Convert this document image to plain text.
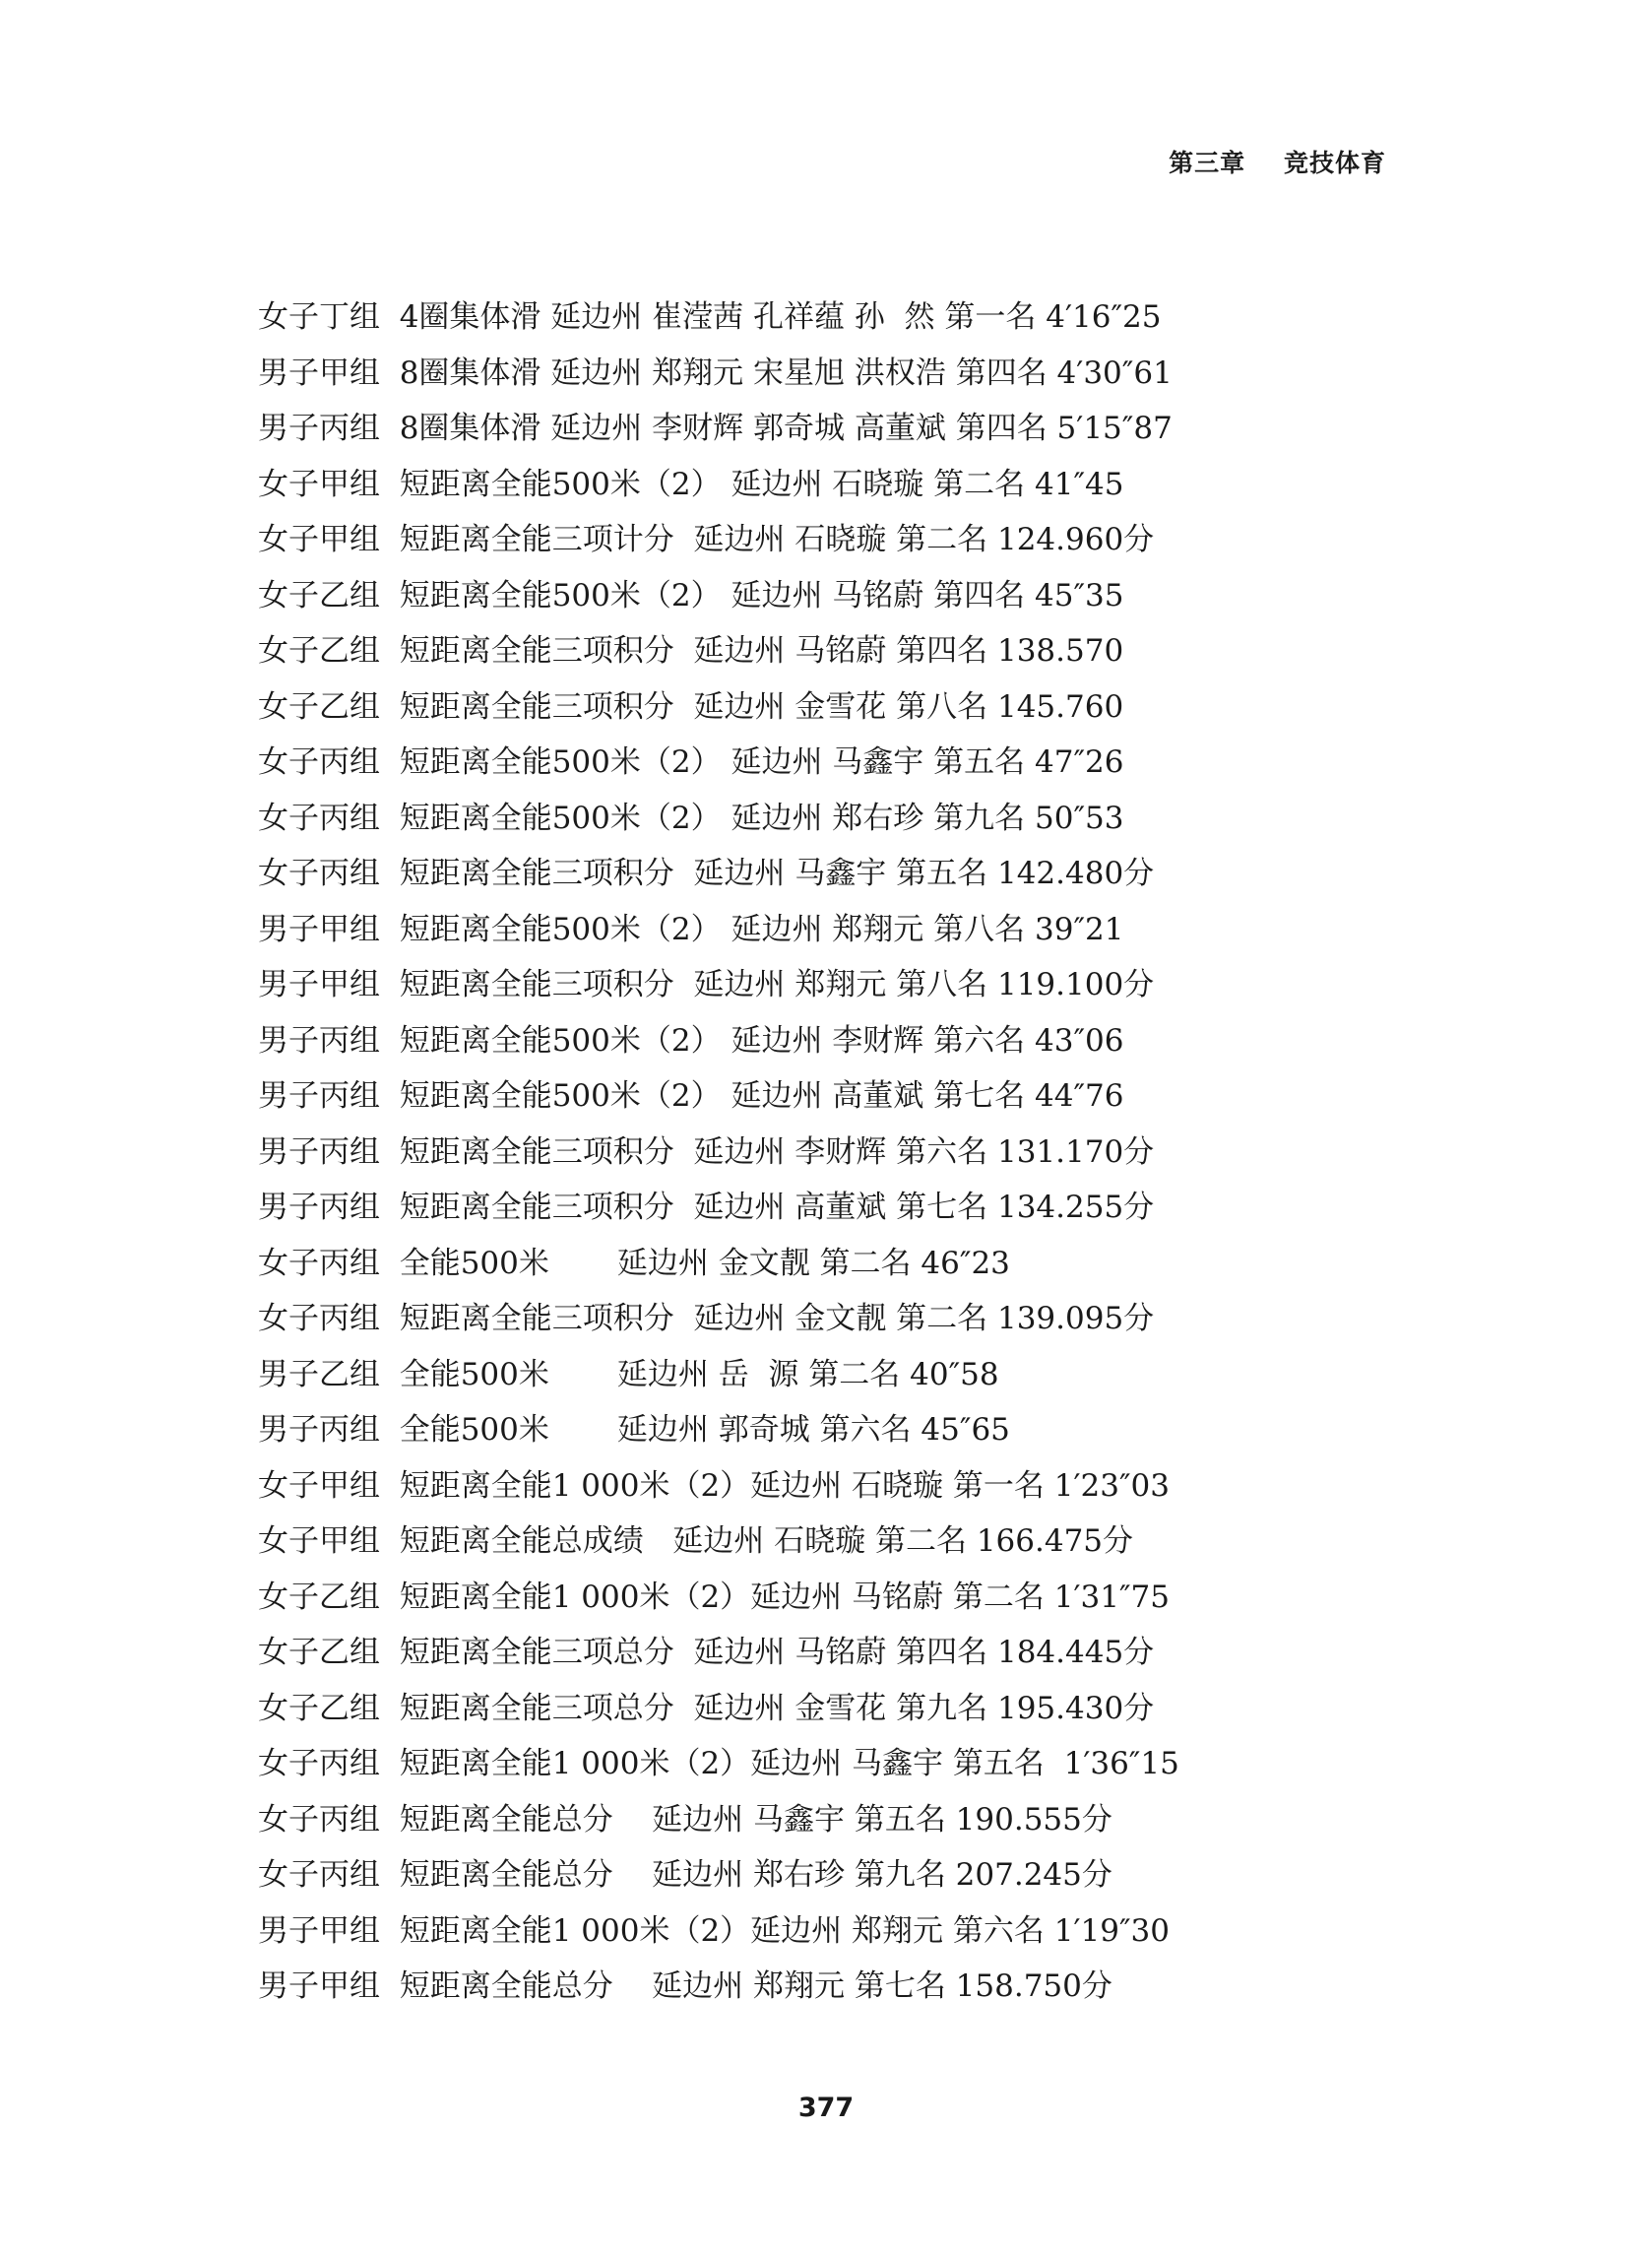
第三章 竞技体育
女子丁组  4圈集体滑 延边州 崔滢茜 孔祥蕴 孙  然 第一名 4′16″25
男子甲组  8圈集体滑 延边州 郑翔元 宋星旭 洪权浩 第四名 4′30″61
男子丙组  8圈集体滑 延边州 李财辉 郭奇城 高董斌 第四名 5′15″87
女子甲组  短距离全能500米（2） 延边州 石晓璇 第二名 41″45
女子甲组  短距离全能三项计分  延边州 石晓璇 第二名 124.960分
女子乙组  短距离全能500米（2） 延边州 马铭蔚 第四名 45″35
女子乙组  短距离全能三项积分  延边州 马铭蔚 第四名 138.570
女子乙组  短距离全能三项积分  延边州 金雪花 第八名 145.760
女子丙组  短距离全能500米（2） 延边州 马鑫宇 第五名 47″26
女子丙组  短距离全能500米（2） 延边州 郑右珍 第九名 50″53
女子丙组  短距离全能三项积分  延边州 马鑫宇 第五名 142.480分
男子甲组  短距离全能500米（2） 延边州 郑翔元 第八名 39″21
男子甲组  短距离全能三项积分  延边州 郑翔元 第八名 119.100分
男子丙组  短距离全能500米（2） 延边州 李财辉 第六名 43″06
男子丙组  短距离全能500米（2） 延边州 高董斌 第七名 44″76
男子丙组  短距离全能三项积分  延边州 李财辉 第六名 131.170分
男子丙组  短距离全能三项积分  延边州 高董斌 第七名 134.255分
女子丙组  全能500米       延边州 金文靓 第二名 46″23
女子丙组  短距离全能三项积分  延边州 金文靓 第二名 139.095分
男子乙组  全能500米       延边州 岳  源 第二名 40″58
男子丙组  全能500米       延边州 郭奇城 第六名 45″65
女子甲组  短距离全能1 000米（2）延边州 石晓璇 第一名 1′23″03
女子甲组  短距离全能总成绩   延边州 石晓璇 第二名 166.475分
女子乙组  短距离全能1 000米（2）延边州 马铭蔚 第二名 1′31″75
女子乙组  短距离全能三项总分  延边州 马铭蔚 第四名 184.445分
女子乙组  短距离全能三项总分  延边州 金雪花 第九名 195.430分
女子丙组  短距离全能1 000米（2）延边州 马鑫宇 第五名  1′36″15
女子丙组  短距离全能总分    延边州 马鑫宇 第五名 190.555分
女子丙组  短距离全能总分    延边州 郑右珍 第九名 207.245分
男子甲组  短距离全能1 000米（2）延边州 郑翔元 第六名 1′19″30
男子甲组  短距离全能总分    延边州 郑翔元 第七名 158.750分
377
